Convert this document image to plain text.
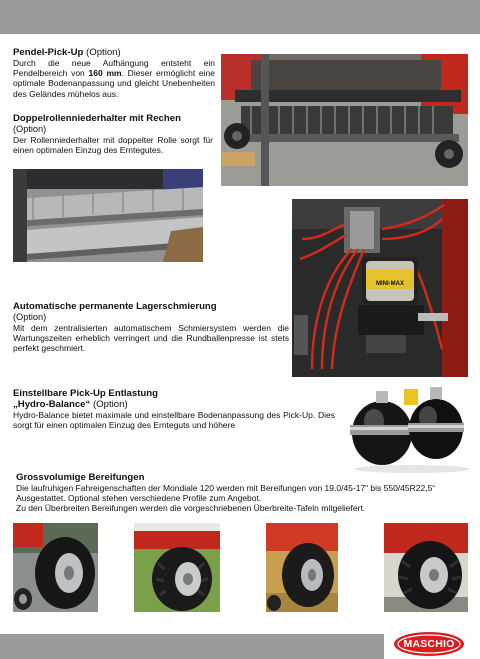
Pendel-Pick-Up (Option)

Durch die neue Aufhängung entsteht ein Pendelbereich von 160 mm. Dieser ermöglicht eine optimale Bodenanpassung und gleicht Unebenheiten des Geländes mühelos aus.

Doppelrollenniederhalter mit Rechen
(Option)

Der Rollenniederhalter mit doppelter Rolle sorgt für einen optimalen Einzug des Erntegutes.

MINI-MAX
Automatische permanente Lagerschmierung
(Option)

Mit dem zentralisierten automatischem Schmiersystem werden die Wartungszeiten erheblich verringert und die Rundballenpresse ist stets perfekt geschmiert.

Einstellbare Pick-Up Entlastung
„Hydro-Balance“ (Option)

Hydro-Balance bietet maximale und einstellbare Bodenanpassung des Pick-Up. Dies sorgt für einen optimalen Einzug des Ernteguts und höhere

Grossvolumige Bereifungen

Die laufruhigen Fahreigenschaften der Mondiale 120 werden mit Bereifungen von 19.0/45-17“ bis 550/45R22,5“ Ausgestattet. Optional stehen verschiedene Profile zum Angebot.

Zu den Überbreiten Bereifungen werden die vorgeschriebenen Überbreite-Tafeln mitgeliefert.

MASCHIO
